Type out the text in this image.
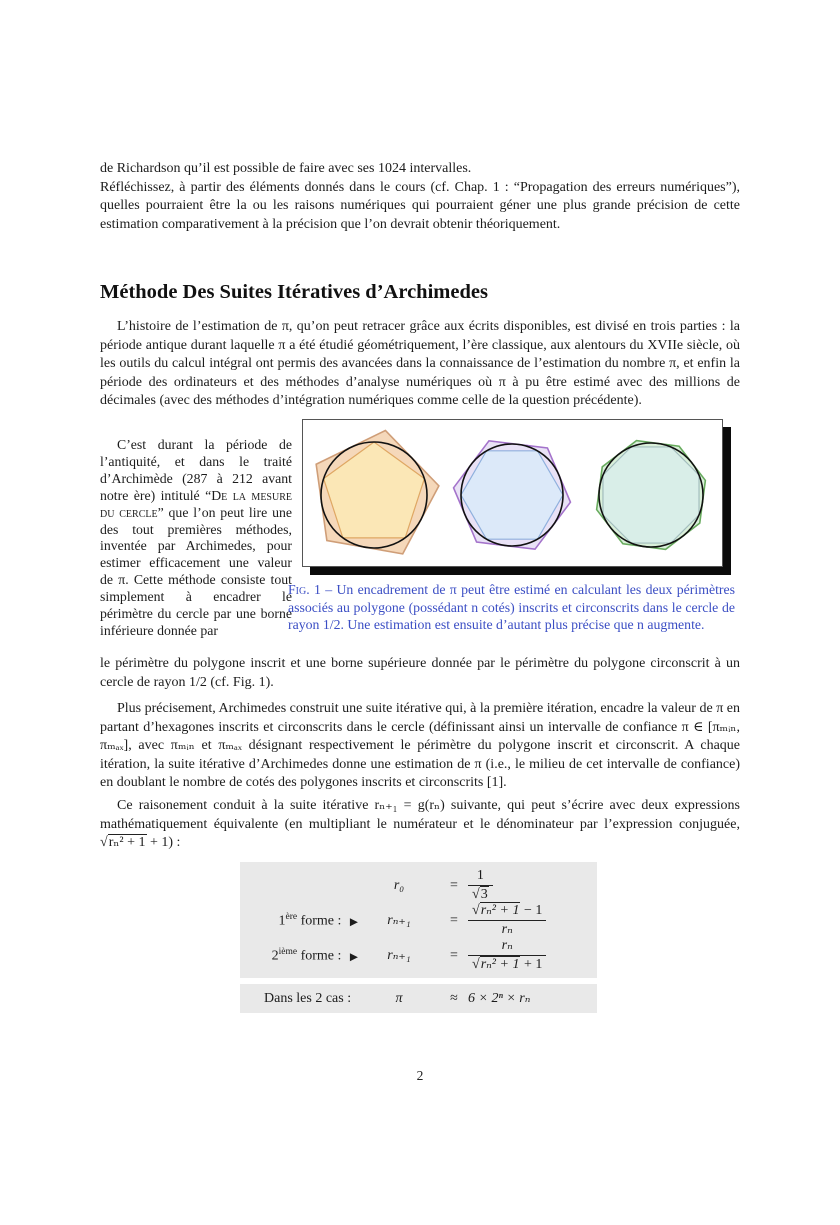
de Richardson qu’il est possible de faire avec ses 1024 intervalles.
Réfléchissez, à partir des éléments donnés dans le cours (cf. Chap. 1 : “Propagation des erreurs numériques”), quelles pourraient être la ou les raisons numériques qui pourraient géner une plus grande précision de cette estimation comparativement à la précision que l’on devrait obtenir théoriquement.
Méthode Des Suites Itératives d’Archimedes
L’histoire de l’estimation de π, qu’on peut retracer grâce aux écrits disponibles, est divisé en trois parties : la période antique durant laquelle π a été étudié géométriquement, l’ère classique, aux alentours du XVIIe siècle, où les outils du calcul intégral ont permis des avancées dans la connaissance de l’estimation du nombre π, et enfin la période des ordinateurs et des méthodes d’analyse numériques où π à pu être estimé avec des millions de décimales (avec des méthodes d’intégration numériques comme celle de la question précédente).
C’est durant la période de l’antiquité, et dans le traité d’Archimède (287 à 212 avant notre ère) intitulé “De la mesure du cercle” que l’on peut lire une des tout premières méthodes, inventée par Archimedes, pour estimer efficacement une valeur de π. Cette méthode consiste tout simplement à encadrer le périmètre du cercle par une borne inférieure donnée par
Fig. 1 – Un encadrement de π peut être estimé en calculant les deux périmètres associés au polygone (possédant n cotés) inscrits et circonscrits dans le cercle de rayon 1/2. Une estimation est ensuite d’autant plus précise que n augmente.
le périmètre du polygone inscrit et une borne supérieure donnée par le périmètre du polygone circonscrit à un cercle de rayon 1/2 (cf. Fig. 1).
Plus précisement, Archimedes construit une suite itérative qui, à la première itération, encadre la valeur de π en partant d’hexagones inscrits et circonscrits dans le cercle (définissant ainsi un intervalle de confiance π ∈ [πₘᵢₙ, πₘₐₓ], avec πₘᵢₙ et πₘₐₓ désignant respectivement le périmètre du polygone inscrit et circonscrit. A chaque itération, la suite itérative d’Archimedes donne une estimation de π (i.e., le milieu de cet intervalle de confiance) en doublant le nombre de cotés des polygones inscrits et circonscrits [1].
Ce raisonement conduit à la suite itérative rₙ₊₁ = g(rₙ) suivante, qui peut s’écrire avec deux expressions mathématiquement équivalente (en multipliant le numérateur et le dénominateur par l’expression conjuguée, √rₙ² + 1 + 1) :
r₀	= $\frac{1}{√3}$
1ère forme : ▶	rₙ₊₁	= $\frac{\text{√rₙ² + 1 − 1}}{\text{rₙ}}$
2ième forme : ▶	rₙ₊₁	= $\frac{\text{rₙ}}{\text{√rₙ² + 1 + 1}}$
Dans les 2 cas :	π	≈ 6 × 2ⁿ × rₙ
2
